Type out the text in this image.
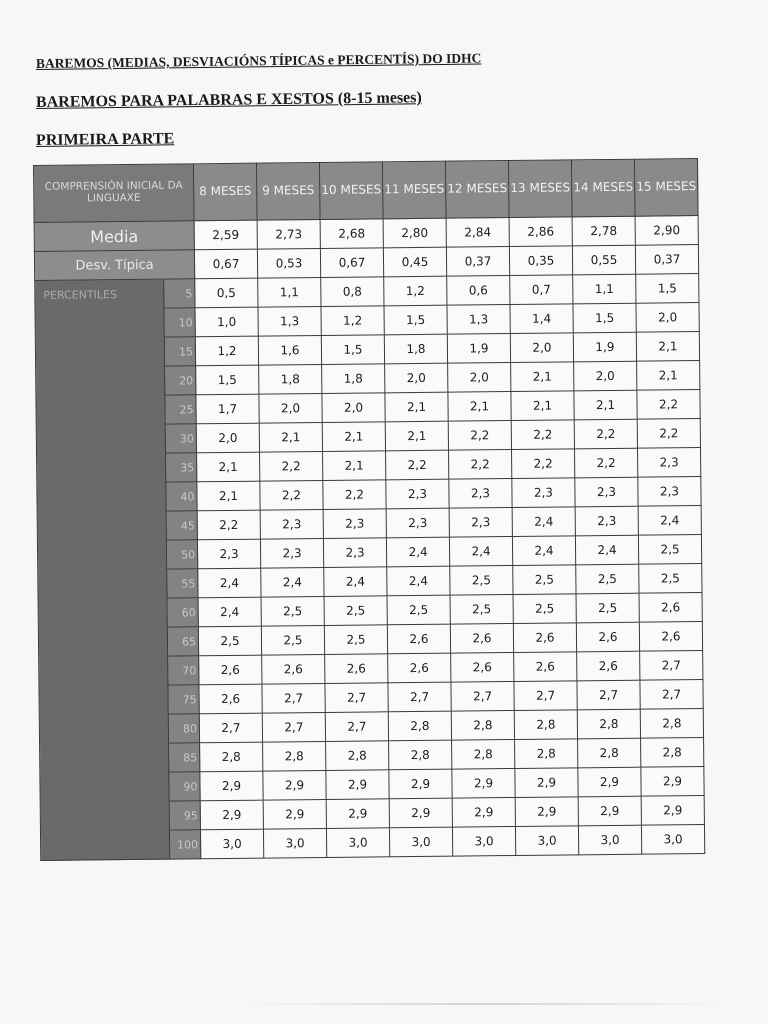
BAREMOS (MEDIAS, DESVIACIÓNS TÍPICAS e PERCENTÍS) DO IDHC
BAREMOS PARA PALABRAS E XESTOS (8-15 meses)
PRIMEIRA PARTE
COMPRENSIÓN INICIAL DA LINGUAXE		8 MESES	9 MESES	10 MESES	11 MESES	12 MESES	13 MESES	14 MESES	15 MESES
Media		2,59	2,73	2,68	2,80	2,84	2,86	2,78	2,90
Desv. Típica		0,67	0,53	0,67	0,45	0,37	0,35	0,55	0,37
PERCENTILES	5	0,5	1,1	0,8	1,2	0,6	0,7	1,1	1,5
	10	1,0	1,3	1,2	1,5	1,3	1,4	1,5	2,0
	15	1,2	1,6	1,5	1,8	1,9	2,0	1,9	2,1
	20	1,5	1,8	1,8	2,0	2,0	2,1	2,0	2,1
	25	1,7	2,0	2,0	2,1	2,1	2,1	2,1	2,2
	30	2,0	2,1	2,1	2,1	2,2	2,2	2,2	2,2
	35	2,1	2,2	2,1	2,2	2,2	2,2	2,2	2,3
	40	2,1	2,2	2,2	2,3	2,3	2,3	2,3	2,3
	45	2,2	2,3	2,3	2,3	2,3	2,4	2,3	2,4
	50	2,3	2,3	2,3	2,4	2,4	2,4	2,4	2,5
	55	2,4	2,4	2,4	2,4	2,5	2,5	2,5	2,5
	60	2,4	2,5	2,5	2,5	2,5	2,5	2,5	2,6
	65	2,5	2,5	2,5	2,6	2,6	2,6	2,6	2,6
	70	2,6	2,6	2,6	2,6	2,6	2,6	2,6	2,7
	75	2,6	2,7	2,7	2,7	2,7	2,7	2,7	2,7
	80	2,7	2,7	2,7	2,8	2,8	2,8	2,8	2,8
	85	2,8	2,8	2,8	2,8	2,8	2,8	2,8	2,8
	90	2,9	2,9	2,9	2,9	2,9	2,9	2,9	2,9
	95	2,9	2,9	2,9	2,9	2,9	2,9	2,9	2,9
	100	3,0	3,0	3,0	3,0	3,0	3,0	3,0	3,0
